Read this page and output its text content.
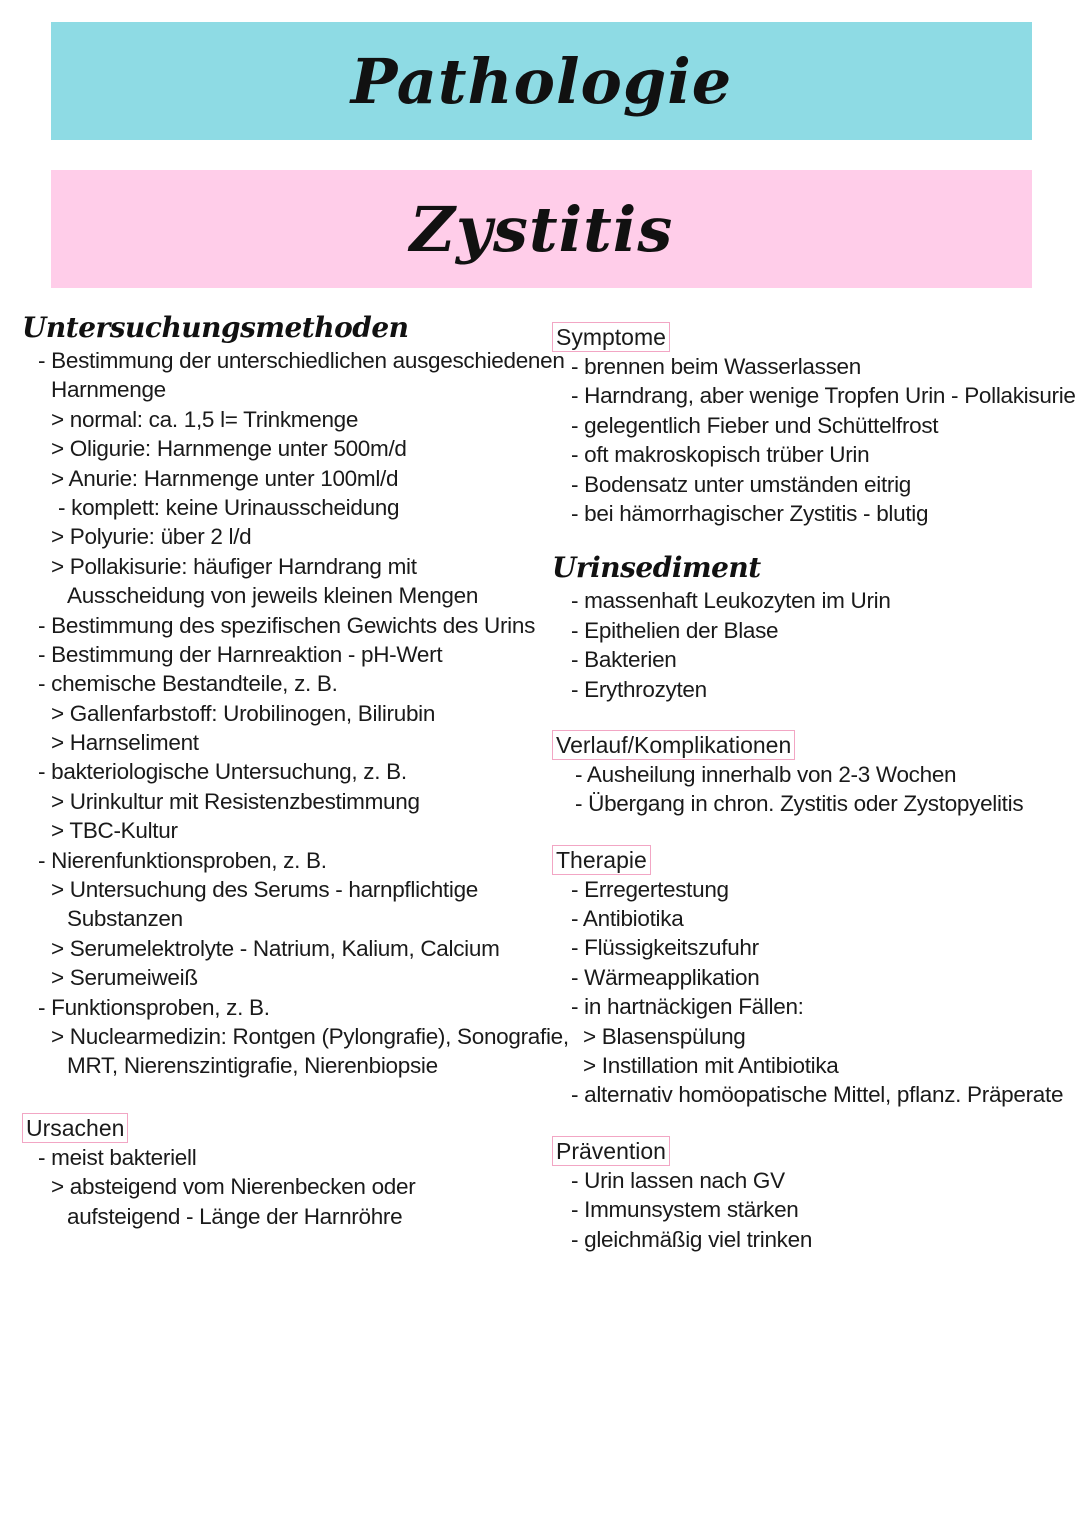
Pathologie
Zystitis
Untersuchungsmethoden
- Bestimmung der unterschiedlichen ausgeschiedenen
Harnmenge
> normal: ca. 1,5 l= Trinkmenge
> Oligurie: Harnmenge unter 500m/d
> Anurie: Harnmenge unter 100ml/d
- komplett: keine Urinausscheidung
> Polyurie: über 2 l/d
> Pollakisurie: häufiger Harndrang mit
Ausscheidung von jeweils kleinen Mengen
- Bestimmung des spezifischen Gewichts des Urins
- Bestimmung der Harnreaktion - pH-Wert
- chemische Bestandteile, z. B.
> Gallenfarbstoff: Urobilinogen, Bilirubin
> Harnseliment
- bakteriologische Untersuchung, z. B.
> Urinkultur mit Resistenzbestimmung
> TBC-Kultur
- Nierenfunktionsproben, z. B.
> Untersuchung des Serums - harnpflichtige
Substanzen
> Serumelektrolyte - Natrium, Kalium, Calcium
> Serumeiweiß
- Funktionsproben, z. B.
> Nuclearmedizin: Rontgen (Pylongrafie), Sonografie,
MRT, Nierenszintigrafie, Nierenbiopsie
Ursachen
- meist bakteriell
> absteigend vom Nierenbecken oder
aufsteigend - Länge der Harnröhre
Symptome
- brennen beim Wasserlassen
- Harndrang, aber wenige Tropfen Urin - Pollakisurie
- gelegentlich Fieber und Schüttelfrost
- oft makroskopisch trüber Urin
- Bodensatz unter umständen eitrig
- bei hämorrhagischer Zystitis - blutig
Urinsediment
- massenhaft Leukozyten im Urin
- Epithelien der Blase
- Bakterien
- Erythrozyten
Verlauf/Komplikationen
- Ausheilung innerhalb von 2-3 Wochen
- Übergang in chron. Zystitis oder Zystopyelitis
Therapie
- Erregertestung
- Antibiotika
- Flüssigkeitszufuhr
- Wärmeapplikation
- in hartnäckigen Fällen:
> Blasenspülung
> Instillation mit Antibiotika
- alternativ homöopatische Mittel, pflanz. Präperate
Prävention
- Urin lassen nach GV
- Immunsystem stärken
- gleichmäßig viel trinken
